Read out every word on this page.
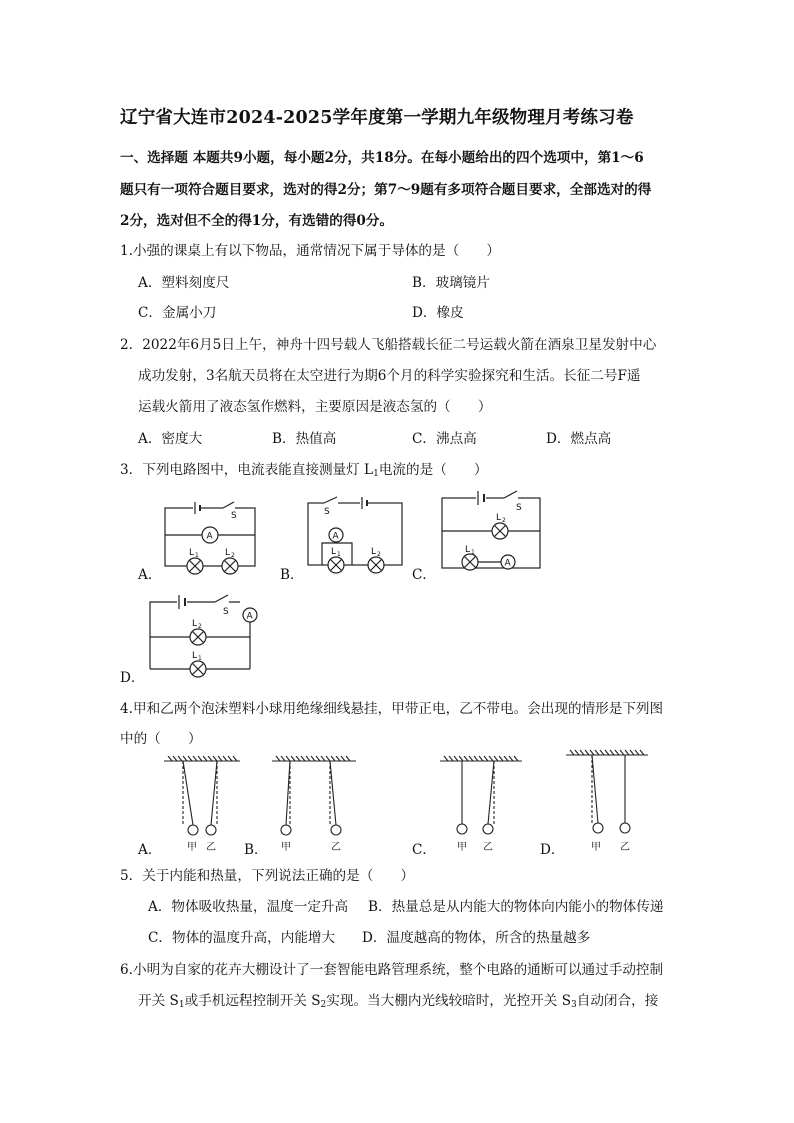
辽宁省大连市2024-2025学年度第一学期九年级物理月考练习卷
一、选择题 本题共9小题，每小题2分，共18分。在每小题给出的四个选项中，第1～6
题只有一项符合题目要求，选对的得2分；第7～9题有多项符合题目要求，全部选对的得
2分，选对但不全的得1分，有选错的得0分。
1.小强的课桌上有以下物品，通常情况下属于导体的是（　　）
A．塑料刻度尺	B．玻璃镜片
C．金属小刀	D．橡皮
2．2022年6月5日上午，神舟十四号载人飞船搭载长征二号运载火箭在酒泉卫星发射中心
成功发射，3名航天员将在太空进行为期6个月的科学实验探究和生活。长征二号F遥
运载火箭用了液态氢作燃料，主要原因是液态氢的（　　）
A．密度大	B．热值高	C．沸点高	D．燃点高
3．下列电路图中，电流表能直接测量灯 $L_1$电流的是（　　）
A．	B．	C．
D．
S
A
L 1	L 2
S
A
L 1	L 2
S
L 2
L 1
A
S A
L 2
L 1
4.甲和乙两个泡沫塑料小球用绝缘细线悬挂，甲带正电，乙不带电。会出现的情形是下列图
中的（　　）
A．	B．	C．	D．
甲 乙	甲	乙	甲 乙	甲 乙
5．关于内能和热量，下列说法正确的是（　　）
A．物体吸收热量，温度一定升高 B．热量总是从内能大的物体向内能小的物体传递
C．物体的温度升高，内能增大 D．温度越高的物体，所含的热量越多
6.小明为自家的花卉大棚设计了一套智能电路管理系统，整个电路的通断可以通过手动控制
开关 $S_1$或手机远程控制开关 $S_2$实现。当大棚内光线较暗时，光控开关 $S_3$自动闭合，接
